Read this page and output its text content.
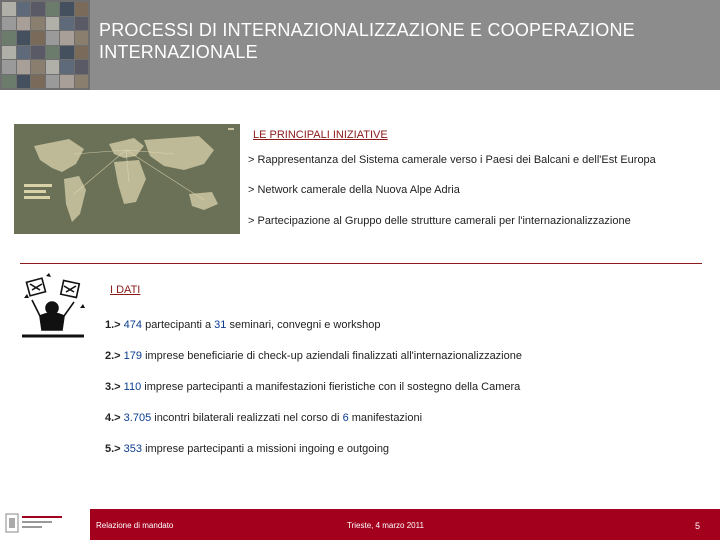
PROCESSI DI INTERNAZIONALIZZAZIONE E COOPERAZIONE INTERNAZIONALE
LE PRINCIPALI INIZIATIVE
> Rappresentanza del Sistema camerale verso i Paesi dei Balcani e dell'Est Europa
> Network camerale della Nuova Alpe Adria
> Partecipazione al Gruppo delle strutture camerali per l'internazionalizzazione
I DATI
1.> 474 partecipanti a 31 seminari, convegni e workshop
2.> 179 imprese beneficiarie di check-up aziendali finalizzati all'internazionalizzazione
3.> 110 imprese partecipanti a manifestazioni fieristiche con il sostegno della Camera
4.> 3.705 incontri bilaterali realizzati nel corso di 6 manifestazioni
5.> 353 imprese partecipanti a missioni ingoing e outgoing
Relazione di mandato	Trieste, 4 marzo 2011	5
